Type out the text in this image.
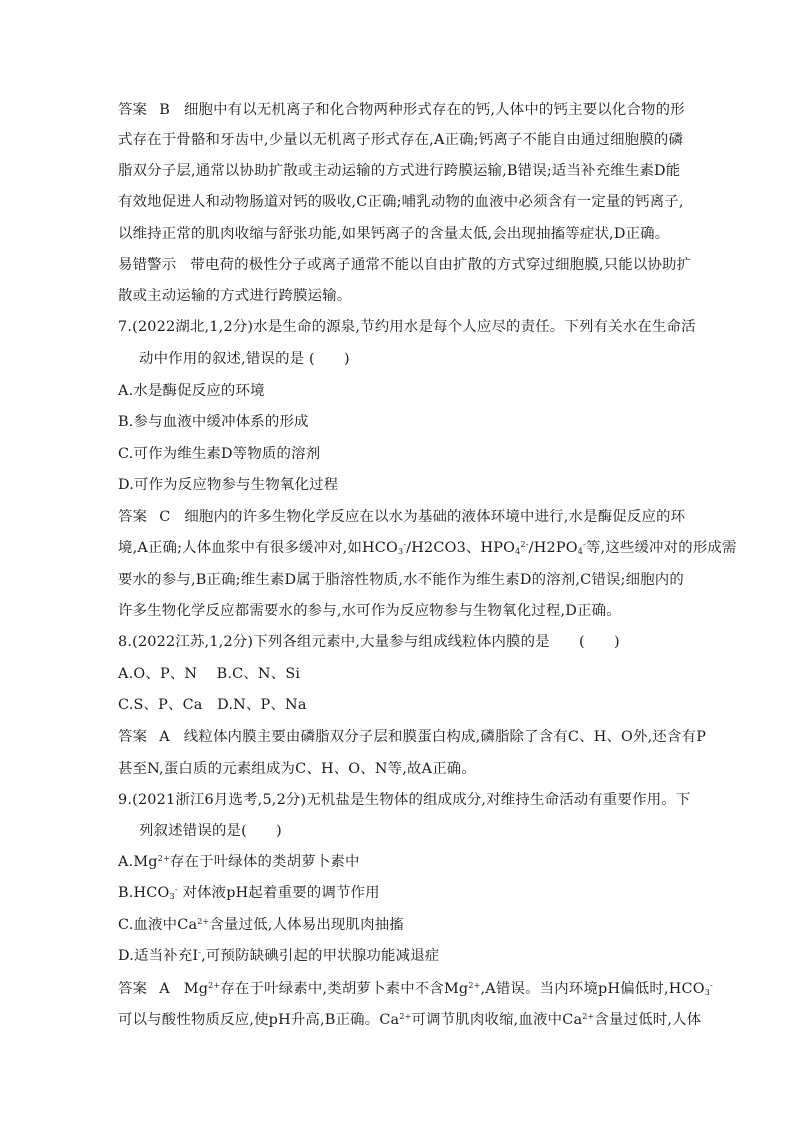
答案 B 细胞中有以无机离子和化合物两种形式存在的钙,人体中的钙主要以化合物的形
式存在于骨骼和牙齿中,少量以无机离子形式存在,A正确;钙离子不能自由通过细胞膜的磷
脂双分子层,通常以协助扩散或主动运输的方式进行跨膜运输,B错误;适当补充维生素D能
有效地促进人和动物肠道对钙的吸收,C正确;哺乳动物的血液中必须含有一定量的钙离子,
以维持正常的肌肉收缩与舒张功能,如果钙离子的含量太低,会出现抽搐等症状,D正确。
易错警示 带电荷的极性分子或离子通常不能以自由扩散的方式穿过细胞膜,只能以协助扩
散或主动运输的方式进行跨膜运输。
7.(2022湖北,1,2分)水是生命的源泉,节约用水是每个人应尽的责任。下列有关水在生命活
动中作用的叙述,错误的是 (　　)
A.水是酶促反应的环境
B.参与血液中缓冲体系的形成
C.可作为维生素D等物质的溶剂
D.可作为反应物参与生物氧化过程
答案 C 细胞内的许多生物化学反应在以水为基础的液体环境中进行,水是酶促反应的环
境,A正确;人体血浆中有很多缓冲对,如$HCO_3^-/H2CO3$、$HPO_4^{2-}/H2PO_4^-$等,这些缓冲对的形成需
要水的参与,B正确;维生素D属于脂溶性物质,水不能作为维生素D的溶剂,C错误;细胞内的
许多生物化学反应都需要水的参与,水可作为反应物参与生物氧化过程,D正确。
8.(2022江苏,1,2分)下列各组元素中,大量参与组成线粒体内膜的是　　(　　)
A.O、P、N　 B.C、N、Si
C.S、P、Ca　D.N、P、Na
答案 A 线粒体内膜主要由磷脂双分子层和膜蛋白构成,磷脂除了含有C、H、O外,还含有P
甚至N,蛋白质的元素组成为C、H、O、N等,故A正确。
9.(2021浙江6月选考,5,2分)无机盐是生物体的组成成分,对维持生命活动有重要作用。下
列叙述错误的是(　　)
$A.Mg^{2+}$存在于叶绿体的类胡萝卜素中
$B.HCO_3^-$ 对体液pH起着重要的调节作用
C.血液中$Ca^{2+}$含量过低,人体易出现肌肉抽搐
D.适当补充I-,可预防缺碘引起的甲状腺功能减退症
答案 A $Mg^{2+}$存在于叶绿素中,类胡萝卜素中不含$Mg^{2+},A$错误。当内环境pH偏低时$,HCO_3^-$
可以与酸性物质反应,使pH升高,B正确。$Ca^{2+}$可调节肌肉收缩,血液中$Ca^{2+}$含量过低时,人体
